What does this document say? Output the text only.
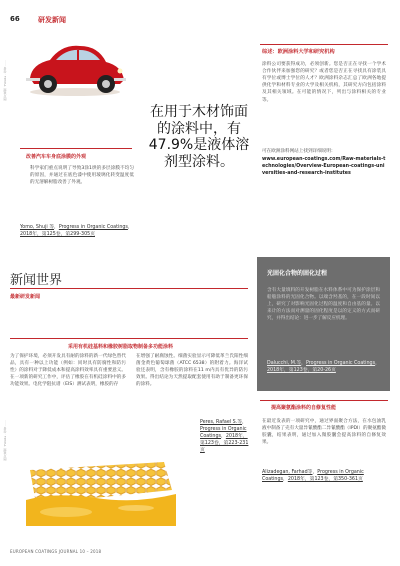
66	研发新闻
图片来源：Fotolia · 作者 ……
图片来源：Fotolia · 作者 ……
改善汽车车身底涂膜的外观
科学家们重点说明了导致3涂1烘的多层涂膜不均匀的原因，并通过在底色漆中使用玻璃化转变温度低的无溶解树脂改善了外观。
Yomo, Shuji 等，Progress in Organic Coatings，2018年，第125卷，第299-305页
在用于木材饰面的涂料中，有47.9%是液体溶剂型涂料。
综述：欧洲涂料大学和研究机构
涂料公司要获得成功，必须创新。您是否正在寻找一个学术合作伙伴来加强您的研究？或者您是否正在寻找具有涂装具有学位或博士学位的人才？欧洲涂料杂志汇总了欧洲各地提供化学和材料专业的大学及相关机构，其研究方向包括涂料及其相关领域。在可能的情况下，列出与涂料相关的专业等。
可在欧洲涂料网站上找到详细说明：
www.european-coatings.com/Raw-materials-technologies/Overview-European-coatings-universities-and-research-institutes
新闻世界
最新研发新闻
采用有机硅基料和橡胶树脂取物制备多功能涂料
为了保护环境，必须开发具有耐的涂料的新一代绿色替代品，具有一种以上功能（例如：同时具有防腐性和防污性）的涂料对于降低成本和提高涂料效率具有重要意义。在一项新的研究工作中，评估了橡胶在有机硅涂料中的多功能效果。电化学阻抗谱（EIS）测试表明，橡胶的存
在增强了耐腐蚀性。细菌实验显示可降低革兰氏阳性细菌金黄色葡萄球菌（ATCC 6538）的附着力。海洋试验还表明，含有橡胶的涂料在11 m内具有优异的防污效果。得出结论为天然提取配套使用有助于制备更环保的涂料。
Peres, Rafael S.等，Progress in Organic Coatings，2018年，第123卷，第223-231页
光固化合物的固化过程
含有大量填料的开发树脂在水料体系中可为保护涂层和船舶涂料的光固化合物。以端含羟基的，在一段时间以上，研究了对影响光固化过程的温度和自由基的量。以来计的方法而对测量的固化程度是以的定义的方式而研究，并得出结论：进一步了解反应机理。
Dalucchi, M.等，Progress in Organic Coatings，2018年，第123卷，第20-26页
提高聚氨酯涂料的自修复性能
在最近发表的一项研究中，通过界面聚合方法，在水包油乳液中制备了壳有大量异氰酸酯二异氰酸酯（IPDI）的聚氨酯微胶囊，结果表明，通过加入微胶囊会提高涂料的自修复效果。
Alizadegan, Farhad等，Progress in Organic Coatings，2018年，第123卷，第350-361页
EUROPEAN COATINGS JOURNAL 10 – 2018
